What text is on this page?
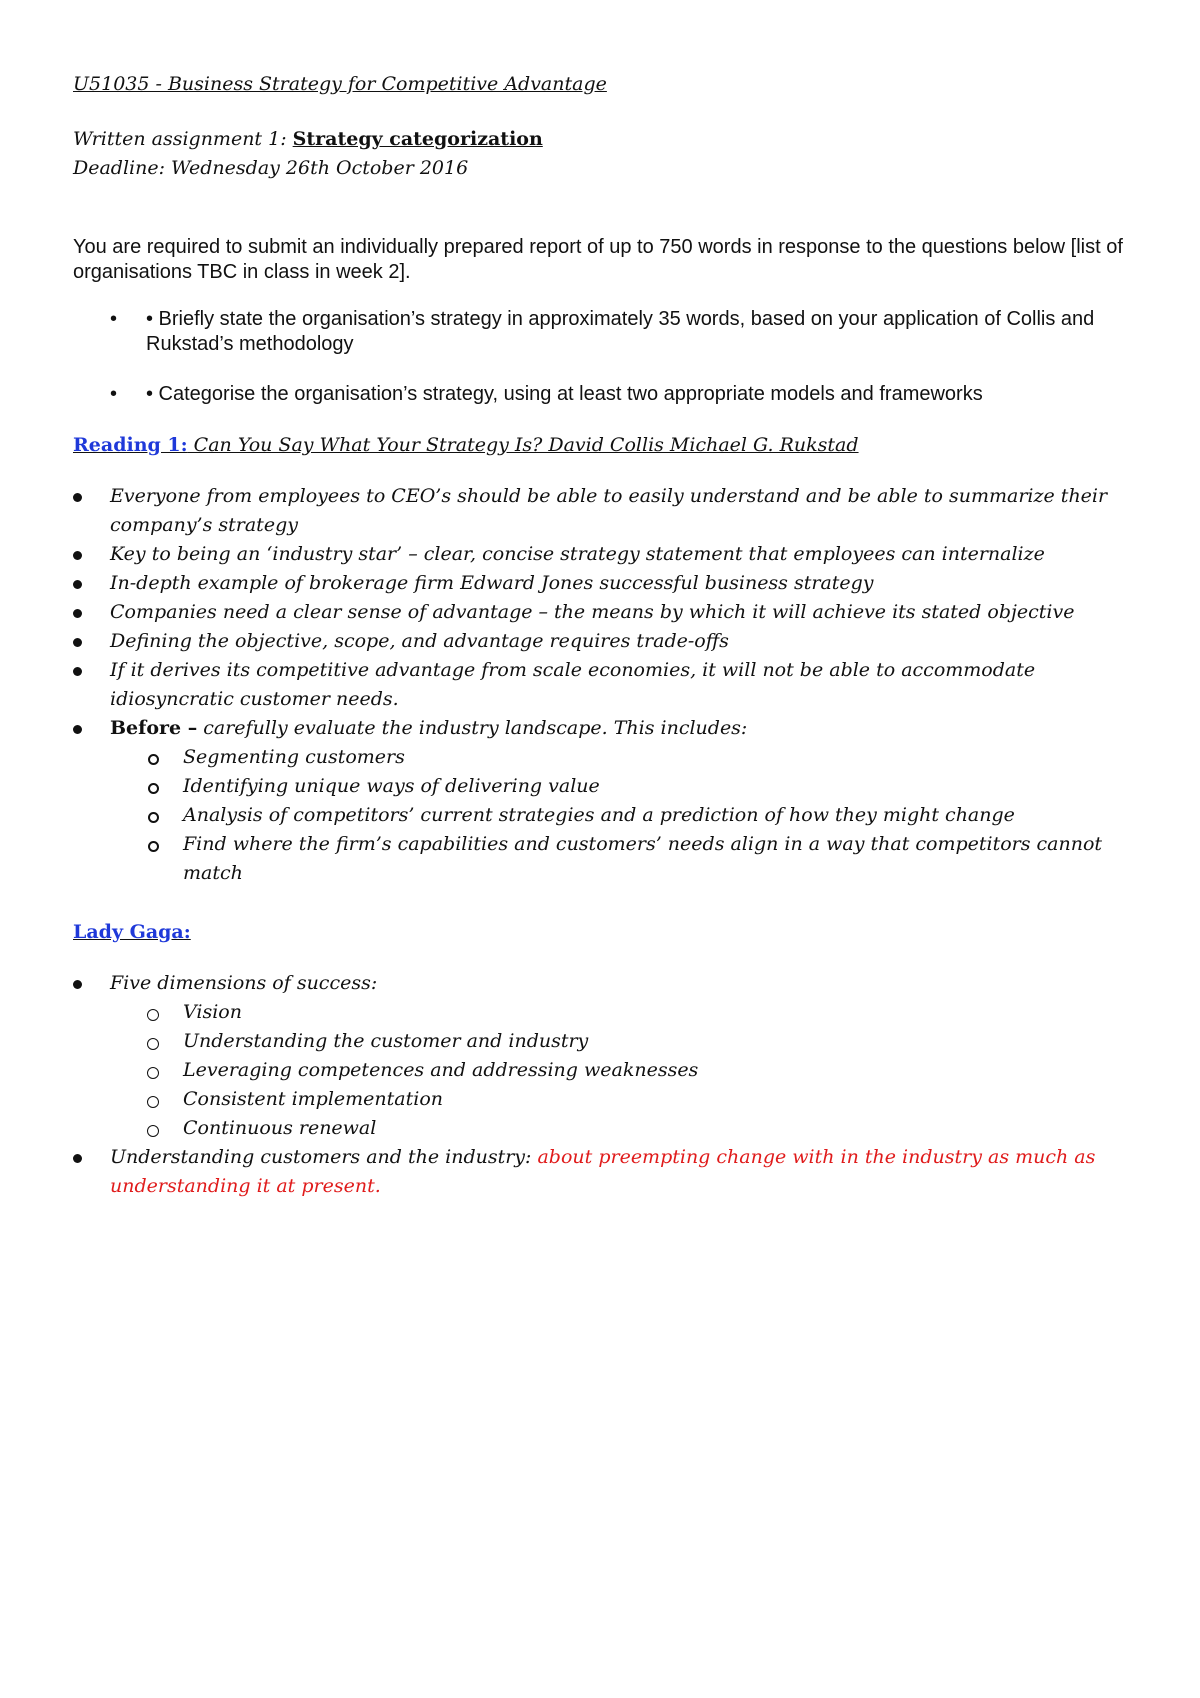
U51035 - Business Strategy for Competitive Advantage

Written assignment 1: Strategy categorization

Deadline: Wednesday 26th October 2016

You are required to submit an individually prepared report of up to 750 words in response to the questions below [list of organisations TBC in class in week 2].

• • Briefly state the organisation’s strategy in approximately 35 words, based on your application of Collis and Rukstad’s methodology
• • Categorise the organisation’s strategy, using at least two appropriate models and frameworks

Reading 1: Can You Say What Your Strategy Is? David Collis Michael G. Rukstad

Everyone from employees to CEO’s should be able to easily understand and be able to summarize their company’s strategy
Key to being an ‘industry star’ – clear, concise strategy statement that employees can internalize
In-depth example of brokerage firm Edward Jones successful business strategy
Companies need a clear sense of advantage – the means by which it will achieve its stated objective
Defining the objective, scope, and advantage requires trade-offs
If it derives its competitive advantage from scale economies, it will not be able to accommodate idiosyncratic customer needs.
Before – carefully evaluate the industry landscape. This includes:
Segmenting customers
Identifying unique ways of delivering value
Analysis of competitors’ current strategies and a prediction of how they might change
Find where the firm’s capabilities and customers’ needs align in a way that competitors cannot match

Lady Gaga:

Five dimensions of success:
Vision
Understanding the customer and industry
Leveraging competences and addressing weaknesses
Consistent implementation
Continuous renewal
Understanding customers and the industry: about preempting change with in the industry as much as understanding it at present.
